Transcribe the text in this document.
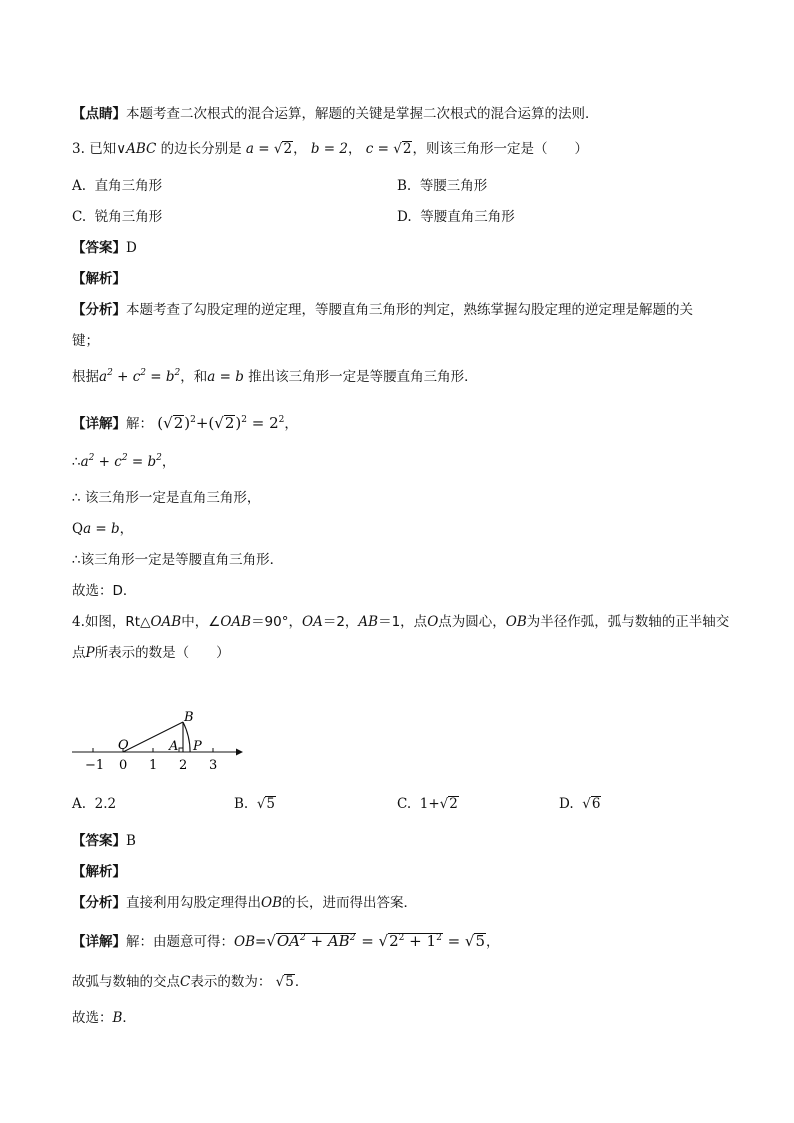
【点睛】本题考查二次根式的混合运算，解题的关键是掌握二次根式的混合运算的法则．
3. 已知∨ABC 的边长分别是 a = √2， b = 2， c = √2，则该三角形一定是（　　）
A. 直角三角形	B. 等腰三角形
C. 锐角三角形	D. 等腰直角三角形
【答案】D
【解析】
【分析】本题考查了勾股定理的逆定理，等腰直角三角形的判定，熟练掌握勾股定理的逆定理是解题的关
键；
根据$a^2 + c^2 = b^2$，和a = b 推出该三角形一定是等腰直角三角形．
【详解】解： $(√2)^2+(√2)^2 = 2^2$，
$\therefore a^2 + c^2 = b^2$，
∴ 该三角形一定是直角三角形，
Qa = b，
∴该三角形一定是等腰直角三角形．
故选：D．
4.如图，Rt△OAB中，∠OAB＝90°，OA＝2，AB＝1，点O点为圆心，OB为半径作弧，弧与数轴的正半轴交
点P所表示的数是（　　）
B
O	A P
−1 0 1 2 3
A. 2.2	B. √5	C. 1+√2	D. √6
【答案】B
【解析】
【分析】直接利用勾股定理得出OB的长，进而得出答案．
【详解】解：由题意可得：$OB=√OA^2 + AB^2 = √2^2 + 1^2 = √5$，
故弧与数轴的交点C表示的数为： √5．
故选：B．
